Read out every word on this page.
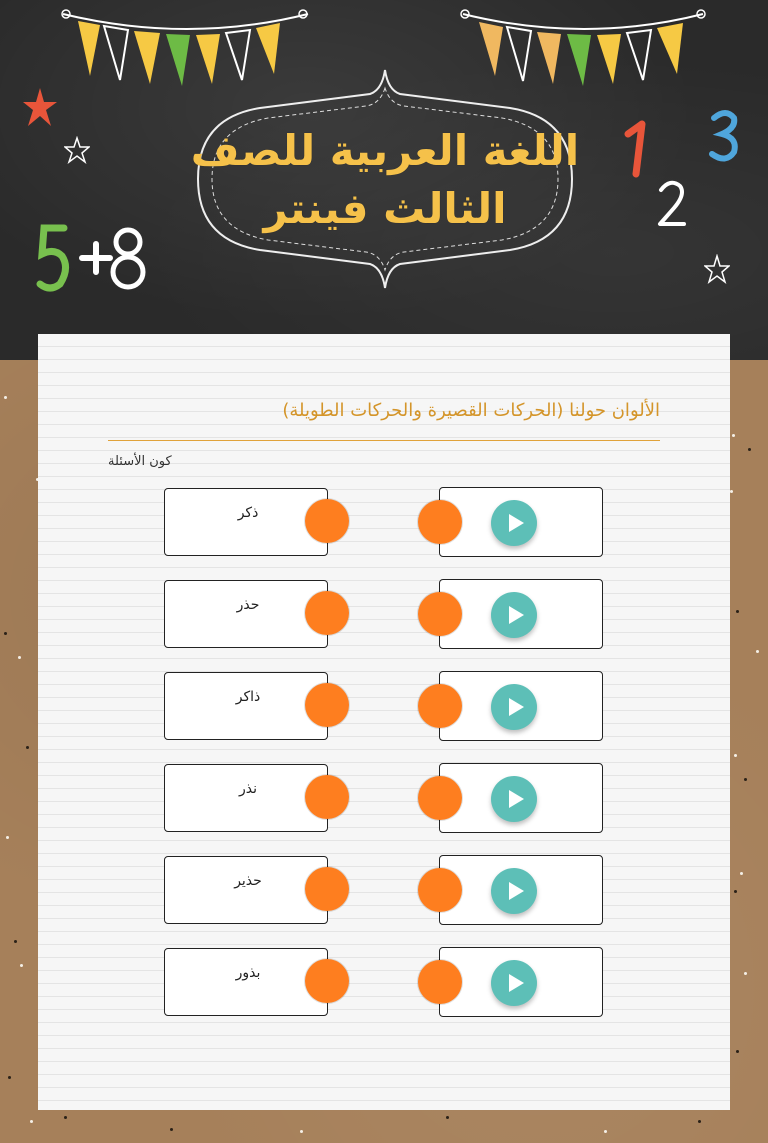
اللغة العربية للصف
الثالث فينتر
الألوان حولنا (الحركات القصيرة والحركات الطويلة)
كون الأسئلة
ذكر
حذر
ذاكر
نذر
حذير
بذور
